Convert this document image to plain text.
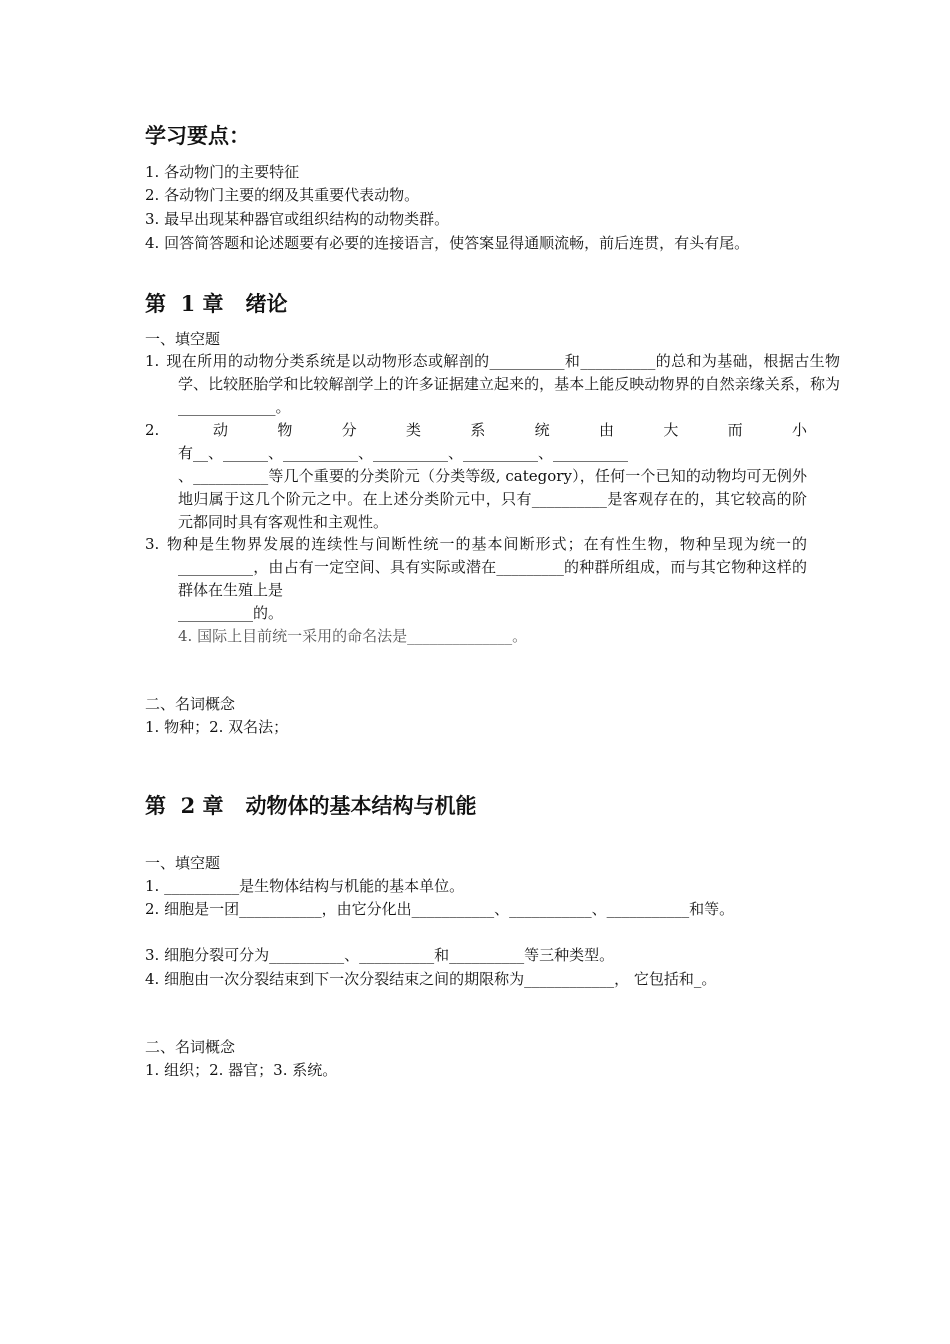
学习要点：
1. 各动物门的主要特征
2. 各动物门主要的纲及其重要代表动物。
3. 最早出现某种器官或组织结构的动物类群。
4. 回答简答题和论述题要有必要的连接语言，使答案显得通顺流畅，前后连贯，有头有尾。
第  1 章   绪论
一、填空题
1. 现在所用的动物分类系统是以动物形态或解剖的__________和__________的总和为基础，根据古生物学、比较胚胎学和比较解剖学上的许多证据建立起来的，基本上能反映动物界的自然亲缘关系，称为_____________。
2.	动物分类系统由大而小
有__、______、__________、__________、__________、__________
、__________等几个重要的分类阶元（分类等级, category），任何一个已知的动物均可无例外地归属于这几个阶元之中。在上述分类阶元中，只有__________是客观存在的，其它较高的阶元都同时具有客观性和主观性。
3. 物种是生物界发展的连续性与间断性统一的基本间断形式；在有性生物，物种呈现为统一的__________，由占有一定空间、具有实际或潜在_________的种群所组成，而与其它物种这样的群体在生殖上是
__________的。
4. 国际上目前统一采用的命名法是______________。
二、名词概念
1. 物种；2. 双名法；
第  2 章   动物体的基本结构与机能
一、填空题
1. __________是生物体结构与机能的基本单位。
2. 细胞是一团___________，由它分化出___________、___________、___________和等。
3. 细胞分裂可分为__________、__________和__________等三种类型。
4. 细胞由一次分裂结束到下一次分裂结束之间的期限称为____________， 它包括和_。
二、名词概念
1. 组织；2. 器官；3. 系统。
